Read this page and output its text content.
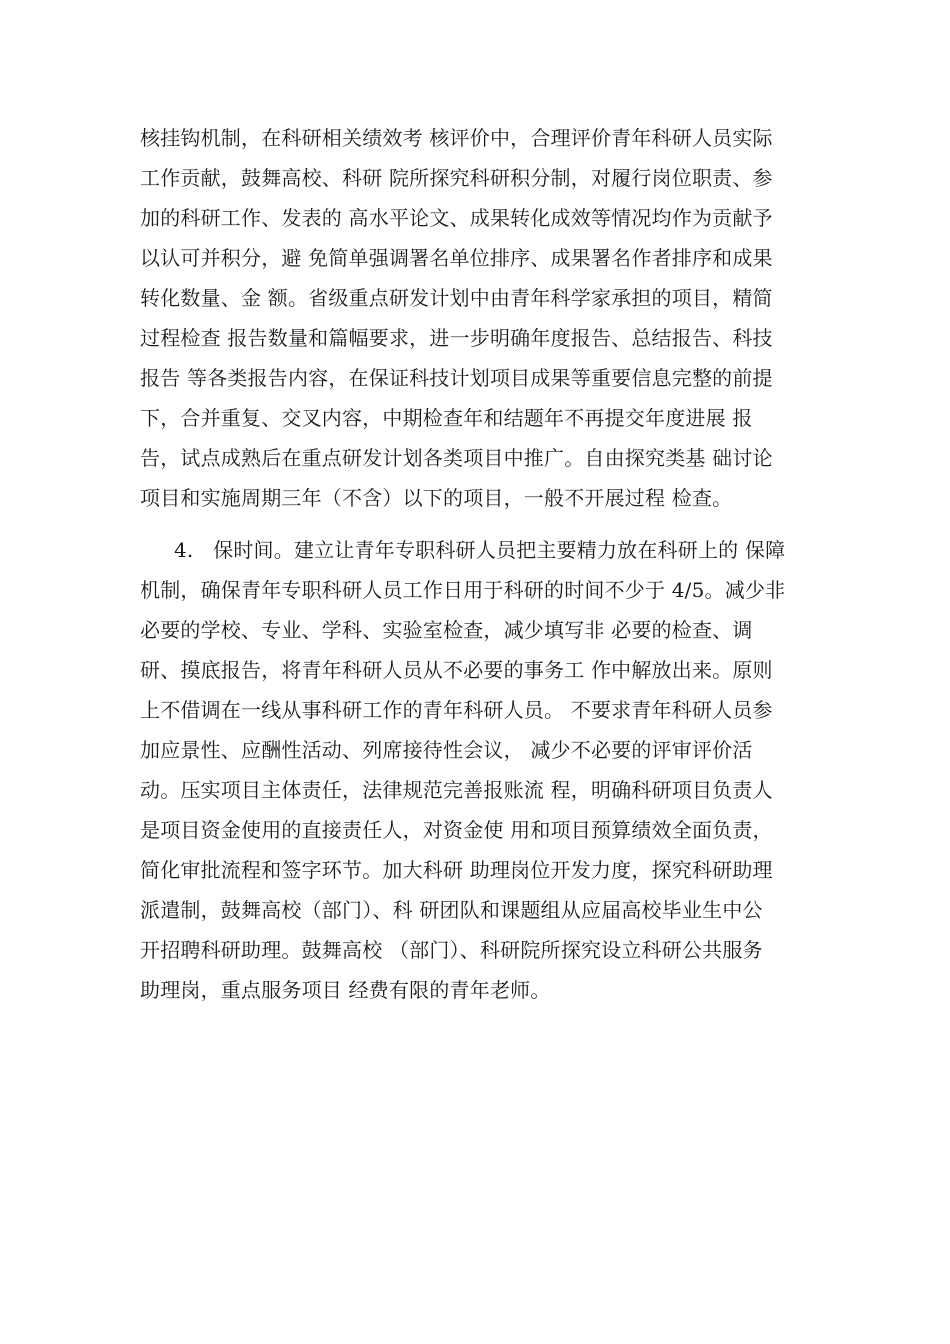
核挂钩机制，在科研相关绩效考 核评价中，合理评价青年科研人员实际
工作贡献，鼓舞高校、科研 院所探究科研积分制，对履行岗位职责、参
加的科研工作、发表的 高水平论文、成果转化成效等情况均作为贡献予
以认可并积分，避 免简单强调署名单位排序、成果署名作者排序和成果
转化数量、金 额。省级重点研发计划中由青年科学家承担的项目，精简
过程检查 报告数量和篇幅要求，进一步明确年度报告、总结报告、科技
报告 等各类报告内容，在保证科技计划项目成果等重要信息完整的前提
下，合并重复、交叉内容，中期检查年和结题年不再提交年度进展 报
告，试点成熟后在重点研发计划各类项目中推广。自由探究类基 础讨论
项目和实施周期三年（不含）以下的项目，一般不开展过程 检查。
4.   保时间。建立让青年专职科研人员把主要精力放在科研上的 保障
机制，确保青年专职科研人员工作日用于科研的时间不少于 4/5。减少非
必要的学校、专业、学科、实验室检查，减少填写非 必要的检查、调
研、摸底报告，将青年科研人员从不必要的事务工 作中解放出来。原则
上不借调在一线从事科研工作的青年科研人员。 不要求青年科研人员参
加应景性、应酬性活动、列席接待性会议， 减少不必要的评审评价活
动。压实项目主体责任，法律规范完善报账流 程，明确科研项目负责人
是项目资金使用的直接责任人，对资金使 用和项目预算绩效全面负责，
简化审批流程和签字环节。加大科研 助理岗位开发力度，探究科研助理
派遣制，鼓舞高校（部门）、科 研团队和课题组从应届高校毕业生中公
开招聘科研助理。鼓舞高校 （部门）、科研院所探究设立科研公共服务
助理岗，重点服务项目 经费有限的青年老师。
